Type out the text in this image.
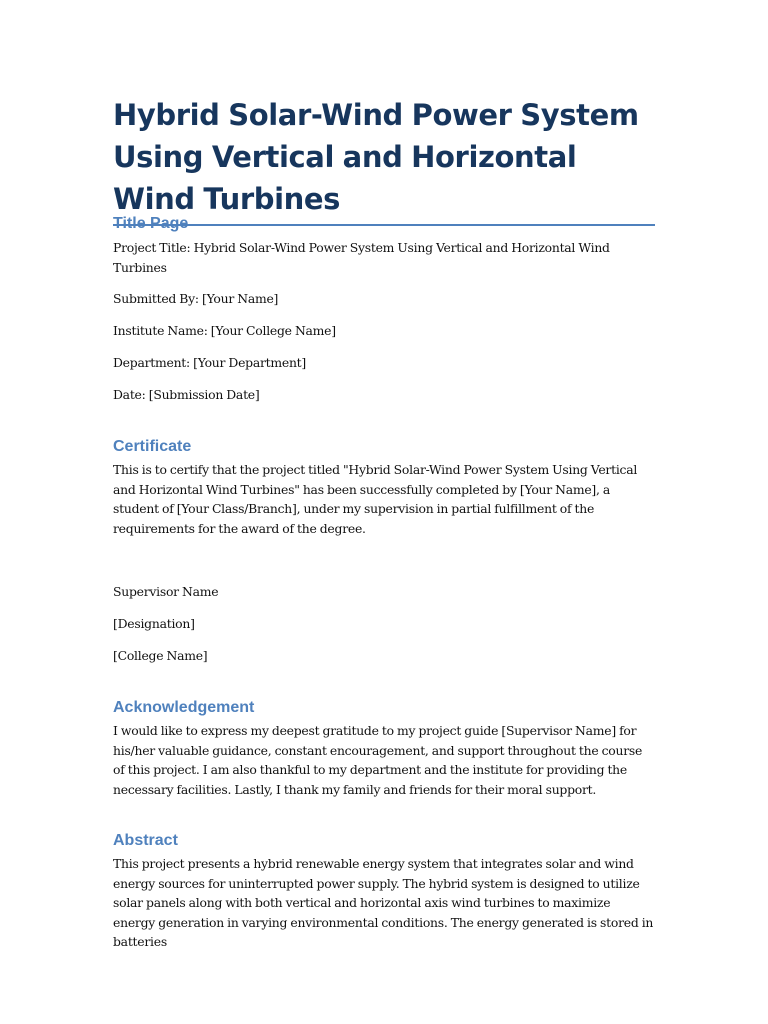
Hybrid Solar-Wind Power System Using Vertical and Horizontal Wind Turbines
Title Page

Project Title: Hybrid Solar-Wind Power System Using Vertical and Horizontal Wind Turbines

Submitted By: [Your Name]

Institute Name: [Your College Name]

Department: [Your Department]

Date: [Submission Date]

Certificate

This is to certify that the project titled "Hybrid Solar-Wind Power System Using Vertical and Horizontal Wind Turbines" has been successfully completed by [Your Name], a student of [Your Class/Branch], under my supervision in partial fulfillment of the requirements for the award of the degree.

Supervisor Name

[Designation]

[College Name]

Acknowledgement

I would like to express my deepest gratitude to my project guide [Supervisor Name] for his/her valuable guidance, constant encouragement, and support throughout the course of this project. I am also thankful to my department and the institute for providing the necessary facilities. Lastly, I thank my family and friends for their moral support.

Abstract

This project presents a hybrid renewable energy system that integrates solar and wind energy sources for uninterrupted power supply. The hybrid system is designed to utilize solar panels along with both vertical and horizontal axis wind turbines to maximize energy generation in varying environmental conditions. The energy generated is stored in batteries
